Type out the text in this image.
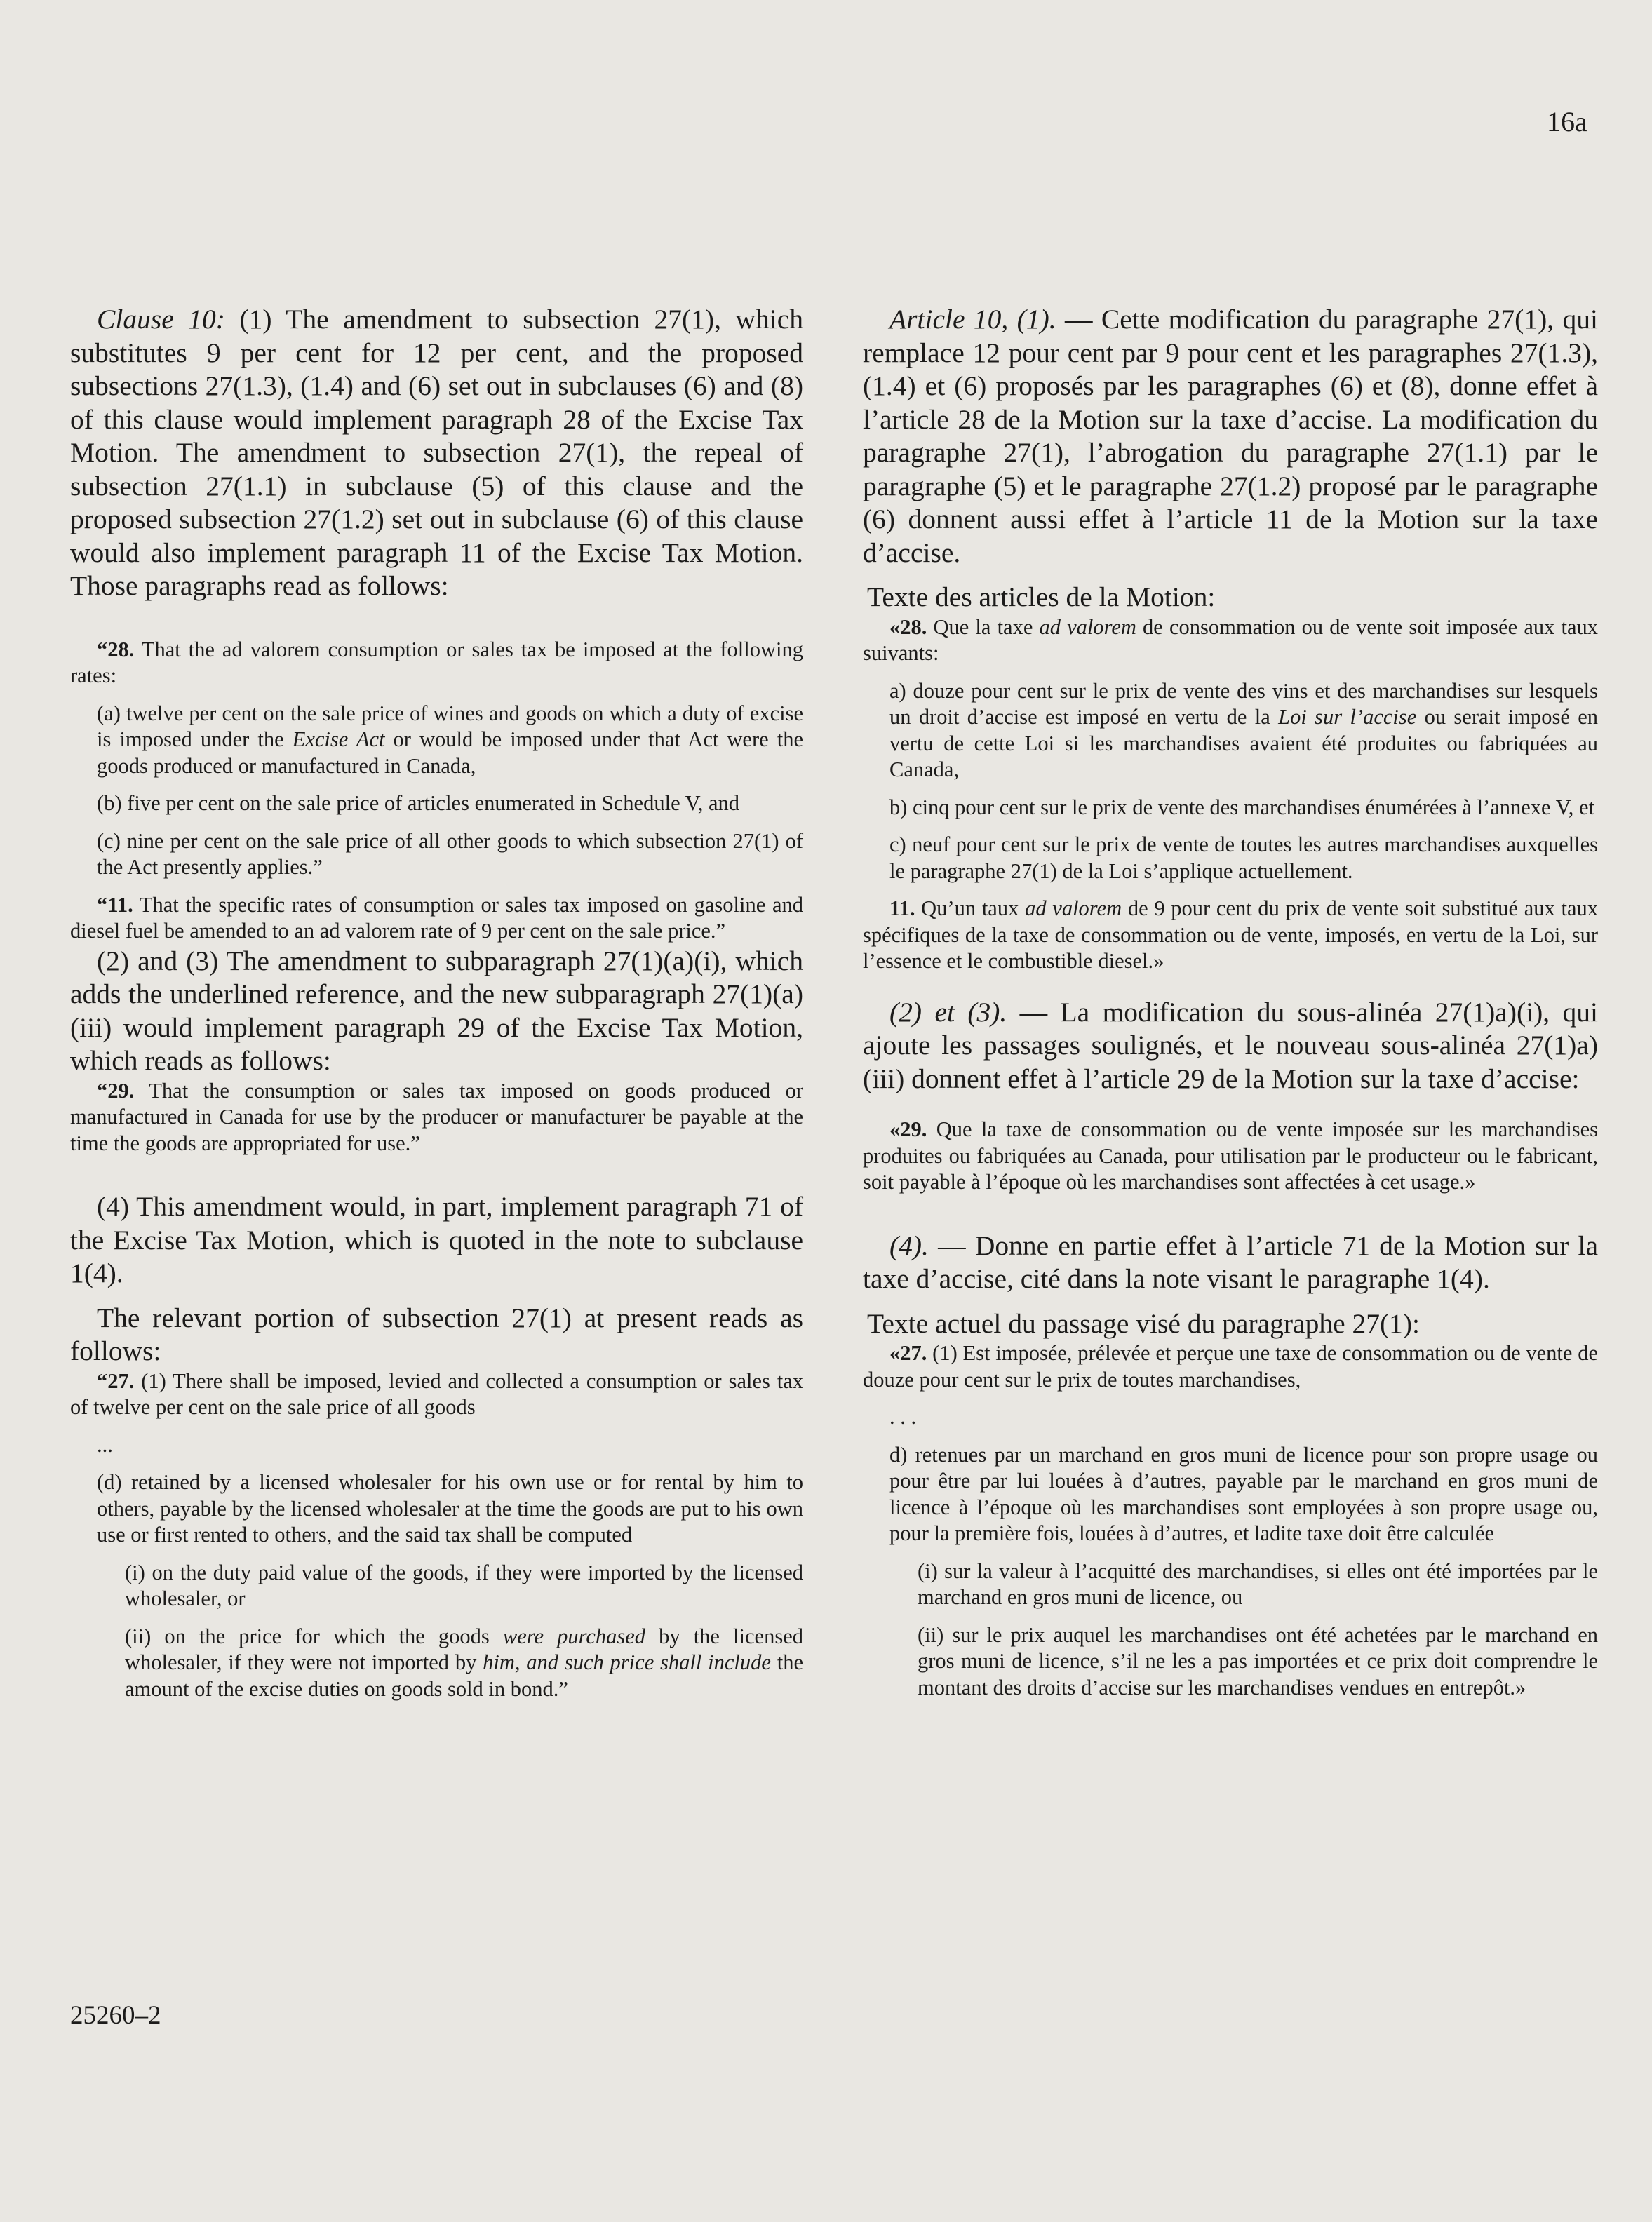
16a

Clause 10: (1) The amendment to subsection 27(1), which substitutes 9 per cent for 12 per cent, and the proposed subsections 27(1.3), (1.4) and (6) set out in subclauses (6) and (8) of this clause would implement paragraph 28 of the Excise Tax Motion. The amendment to subsection 27(1), the repeal of subsection 27(1.1) in subclause (5) of this clause and the proposed subsection 27(1.2) set out in subclause (6) of this clause would also implement paragraph 11 of the Excise Tax Motion. Those paragraphs read as follows:

“28. That the ad valorem consumption or sales tax be imposed at the following rates:

(a) twelve per cent on the sale price of wines and goods on which a duty of excise is imposed under the Excise Act or would be imposed under that Act were the goods produced or manufactured in Canada,

(b) five per cent on the sale price of articles enumerated in Schedule V, and

(c) nine per cent on the sale price of all other goods to which subsection 27(1) of the Act presently applies.”

“11. That the specific rates of consumption or sales tax imposed on gasoline and diesel fuel be amended to an ad valorem rate of 9 per cent on the sale price.”

(2) and (3) The amendment to subparagraph 27(1)(a)(i), which adds the underlined reference, and the new subparagraph 27(1)(a)(iii) would implement paragraph 29 of the Excise Tax Motion, which reads as follows:

“29. That the consumption or sales tax imposed on goods produced or manufactured in Canada for use by the producer or manufacturer be payable at the time the goods are appropriated for use.”

(4) This amendment would, in part, implement paragraph 71 of the Excise Tax Motion, which is quoted in the note to subclause 1(4).

The relevant portion of subsection 27(1) at present reads as follows:

“27. (1) There shall be imposed, levied and collected a consumption or sales tax of twelve per cent on the sale price of all goods

...

(d) retained by a licensed wholesaler for his own use or for rental by him to others, payable by the licensed wholesaler at the time the goods are put to his own use or first rented to others, and the said tax shall be computed

(i) on the duty paid value of the goods, if they were imported by the licensed wholesaler, or

(ii) on the price for which the goods were purchased by the licensed wholesaler, if they were not imported by him, and such price shall include the amount of the excise duties on goods sold in bond.”

Article 10, (1). — Cette modification du paragraphe 27(1), qui remplace 12 pour cent par 9 pour cent et les paragraphes 27(1.3), (1.4) et (6) proposés par les paragraphes (6) et (8), donne effet à l’article 28 de la Motion sur la taxe d’accise. La modification du paragraphe 27(1), l’abrogation du paragraphe 27(1.1) par le paragraphe (5) et le paragraphe 27(1.2) proposé par le paragraphe (6) donnent aussi effet à l’article 11 de la Motion sur la taxe d’accise.

Texte des articles de la Motion:

«28. Que la taxe ad valorem de consommation ou de vente soit imposée aux taux suivants:

a) douze pour cent sur le prix de vente des vins et des marchandises sur lesquels un droit d’accise est imposé en vertu de la Loi sur l’accise ou serait imposé en vertu de cette Loi si les marchandises avaient été produites ou fabriquées au Canada,

b) cinq pour cent sur le prix de vente des marchandises énumérées à l’annexe V, et

c) neuf pour cent sur le prix de vente de toutes les autres marchandises auxquelles le paragraphe 27(1) de la Loi s’applique actuellement.

11. Qu’un taux ad valorem de 9 pour cent du prix de vente soit substitué aux taux spécifiques de la taxe de consommation ou de vente, imposés, en vertu de la Loi, sur l’essence et le combustible diesel.»

(2) et (3). — La modification du sous-alinéa 27(1)a)(i), qui ajoute les passages soulignés, et le nouveau sous-alinéa 27(1)a)(iii) donnent effet à l’article 29 de la Motion sur la taxe d’accise:

«29. Que la taxe de consommation ou de vente imposée sur les marchandises produites ou fabriquées au Canada, pour utilisation par le producteur ou le fabricant, soit payable à l’époque où les marchandises sont affectées à cet usage.»

(4). — Donne en partie effet à l’article 71 de la Motion sur la taxe d’accise, cité dans la note visant le paragraphe 1(4).

Texte actuel du passage visé du paragraphe 27(1):

«27. (1) Est imposée, prélevée et perçue une taxe de consommation ou de vente de douze pour cent sur le prix de toutes marchandises,

. . .

d) retenues par un marchand en gros muni de licence pour son propre usage ou pour être par lui louées à d’autres, payable par le marchand en gros muni de licence à l’époque où les marchandises sont employées à son propre usage ou, pour la première fois, louées à d’autres, et ladite taxe doit être calculée

(i) sur la valeur à l’acquitté des marchandises, si elles ont été importées par le marchand en gros muni de licence, ou

(ii) sur le prix auquel les marchandises ont été achetées par le marchand en gros muni de licence, s’il ne les a pas importées et ce prix doit comprendre le montant des droits d’accise sur les marchandises vendues en entrepôt.»

25260–2
